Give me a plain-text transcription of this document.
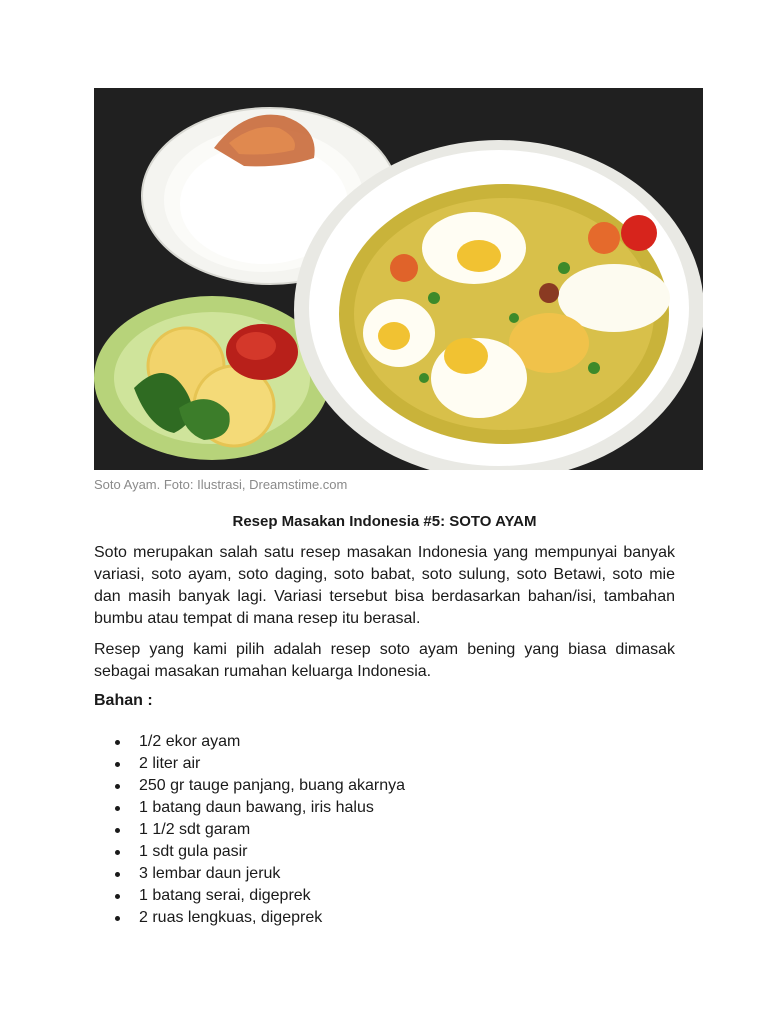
Soto Ayam. Foto: Ilustrasi, Dreamstime.com
Resep Masakan Indonesia #5: SOTO AYAM

Soto merupakan salah satu resep masakan Indonesia yang mempunyai banyak variasi, soto ayam, soto daging, soto babat, soto sulung, soto Betawi, soto mie dan masih banyak lagi. Variasi tersebut bisa berdasarkan bahan/isi, tambahan bumbu atau tempat di mana resep itu berasal.

Resep yang kami pilih adalah resep soto ayam bening yang biasa dimasak sebagai masakan rumahan keluarga Indonesia.

Bahan :
1/2 ekor ayam
2 liter air
250 gr tauge panjang, buang akarnya
1 batang daun bawang, iris halus
1 1/2 sdt garam
1 sdt gula pasir
3 lembar daun jeruk
1 batang serai, digeprek
2 ruas lengkuas, digeprek
